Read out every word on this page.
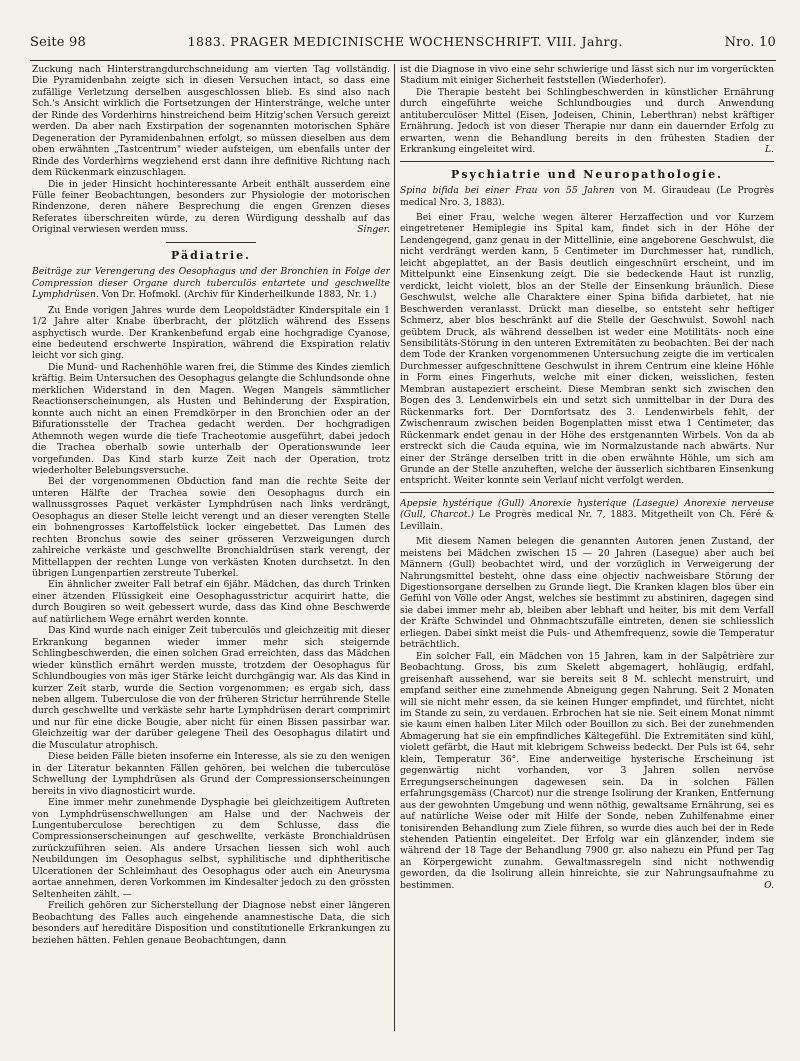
Seite 98	1883. PRAGER MEDICINISCHE WOCHENSCHRIFT. VIII. Jahrg.	Nro. 10

Zuckung nach Hinterstrangdurchschneidung am vierten Tag vollständig. Die Pyramidenbahn zeigte sich in diesen Versuchen intact, so dass eine zufällige Verletzung derselben ausgeschlossen blieb. Es sind also nach Sch.'s Ansicht wirklich die Fortsetzungen der Hinterstränge, welche unter der Rinde des Vorderhirns hinstreichend beim Hitzig'schen Versuch gereizt werden. Da aber nach Exstirpation der sogenannten motorischen Sphäre Degeneration der Pyramidenbahnen erfolgt, so müssen dieselben aus dem oben erwähnten „Tastcentrum" wieder aufsteigen, um ebenfalls unter der Rinde des Vorderhirns wegziehend erst dann ihre definitive Richtung nach dem Rückenmark einzuschlagen.

Die in jeder Hinsicht hochinteressante Arbeit enthält ausserdem eine Fülle feiner Beobachtungen, besonders zur Physiologie der motorischen Rindenzone, deren nähere Besprechung die engen Grenzen dieses Referates überschreiten würde, zu deren Würdigung desshalb auf das Original verwiesen werden muss.	Singer.

Pädiatrie.

Beiträge zur Verengerung des Oesophagus und der Bronchien in Folge der Compression dieser Organe durch tuberculös entartete und geschwellte Lymphdrüsen. Von Dr. Hofmokl. (Archiv für Kinderheilkunde 1883, Nr. 1.)

Zu Ende vorigen Jahres wurde dem Leopoldstädter Kinderspitale ein 1 1/2 Jahre alter Knabe überbracht, der plötzlich während des Essens asphyctisch wurde. Der Krankenbefund ergab eine hochgradige Cyanose, eine bedeutend erschwerte Inspiration, während die Exspiration relativ leicht vor sich ging.

Die Mund- und Rachenhöhle waren frei, die Stimme des Kindes ziemlich kräftig. Beim Untersuchen des Oesophagus gelangte die Schlundsonde ohne merklichen Widerstand in den Magen. Wegen Mangels sämmtlicher Reactionserscheinungen, als Husten und Behinderung der Exspiration, konnte auch nicht an einen Fremdkörper in den Bronchien oder an der Bifurationsstelle der Trachea gedacht werden. Der hochgradigen Athemnoth wegen wurde die tiefe Tracheotomie ausgeführt, dabei jedoch die Trachea oberhalb sowie unterhalb der Operationswunde leer vorgefunden. Das Kind starb kurze Zeit nach der Operation, trotz wiederholter Belebungsversuche.

Bei der vorgenommenen Obduction fand man die rechte Seite der unteren Hälfte der Trachea sowie den Oesophagus durch ein wallnussgrosses Paquet verkäster Lymphdrüsen nach links verdrängt, Oesophagus an dieser Stelle leicht verengt und an dieser verengten Stelle ein bohnengrosses Kartoffelstück locker eingebettet. Das Lumen des rechten Bronchus sowie des seiner grösseren Verzweigungen durch zahlreiche verkäste und geschwellte Bronchialdrüsen stark verengt, der Mittellappen der rechten Lunge von verkästen Knoten durchsetzt. In den übrigen Lungenpartien zerstreute Tuberkel.

Ein ähnlicher zweiter Fall betraf ein 6jähr. Mädchen, das durch Trinken einer ätzenden Flüssigkeit eine Oesophagusstrictur acquirirt hatte, die durch Bougiren so weit gebessert wurde, dass das Kind ohne Beschwerde auf natürlichem Wege ernährt werden konnte.

Das Kind wurde nach einiger Zeit tuberculös und gleichzeitig mit dieser Erkrankung begannen wieder immer mehr sich steigernde Schlingbeschwerden, die einen solchen Grad erreichten, dass das Mädchen wieder künstlich ernährt werden musste, trotzdem der Oesophagus für Schlundbougies von mäs iger Stärke leicht durchgängig war. Als das Kind in kurzer Zeit starb, wurde die Section vorgenommen; es ergab sich, dass neben allgem. Tuberculose die von der früheren Strictur herrührende Stelle durch geschwellte und verkäste sehr harte Lymphdrüsen derart comprimirt und nur für eine dicke Bougie, aber nicht für einen Bissen passirbar war. Gleichzeitig war der darüber gelegene Theil des Oesophagus dilatirt und die Musculatur atrophisch.

Diese beiden Fälle bieten insoferne ein Interesse, als sie zu den wenigen in der Literatur bekannten Fällen gehören, bei welchen die tuberculöse Schwellung der Lymphdrüsen als Grund der Compressionserscheinungen bereits in vivo diagnosticirt wurde.

Eine immer mehr zunehmende Dysphagie bei gleichzeitigem Auftreten von Lymphdrüsenschwellungen am Halse und der Nachweis der Lungentuberculose berechtigen zu dem Schlusse, dass die Compressionserscheinungen auf geschwellte, verkäste Bronchialdrüsen zurückzuführen seien. Als andere Ursachen liessen sich wohl auch Neubildungen im Oesophagus selbst, syphilitische und diphtheritische Ulcerationen der Schleimhaut des Oesophagus oder auch ein Aneurysma aortae annehmen, deren Vorkommen im Kindesalter jedoch zu den grössten Seltenheiten zählt. —

Freilich gehören zur Sicherstellung der Diagnose nebst einer längeren Beobachtung des Falles auch eingehende anamnestische Data, die sich besonders auf hereditäre Disposition und constitutionelle Erkrankungen zu beziehen hätten. Fehlen genaue Beobachtungen, dann

ist die Diagnose in vivo eine sehr schwierige und lässt sich nur im vorgerückten Stadium mit einiger Sicherheit feststellen (Wiederhofer).

Die Therapie besteht bei Schlingbeschwerden in künstlicher Ernährung durch eingeführte weiche Schlundbougies und durch Anwendung antituberculöser Mittel (Eisen, Jodeisen, Chinin, Leberthran) nebst kräftiger Ernährung. Jedoch ist von dieser Therapie nur dann ein dauernder Erfolg zu erwarten, wenn die Behandlung bereits in den frühesten Stadien der Erkrankung eingeleitet wird.	L.

Psychiatrie und Neuropathologie.

Spina bifida bei einer Frau von 55 Jahren von M. Giraudeau (Le Progrès medical Nro. 3, 1883).

Bei einer Frau, welche wegen älterer Herzaffection und vor Kurzem eingetretener Hemiplegie ins Spital kam, findet sich in der Höhe der Lendengegend, ganz genau in der Mittellinie, eine angeborene Geschwulst, die nicht verdrängt werden kann, 5 Centimeter im Durchmesser hat, rundlich, leicht abgeplattet, an der Basis deutlich eingeschnürt erscheint, und im Mittelpunkt eine Einsenkung zeigt. Die sie bedeckende Haut ist runzlig, verdickt, leicht violett, blos an der Stelle der Einsenkung bräunlich. Diese Geschwulst, welche alle Charaktere einer Spina bifida darbietet, hat nie Beschwerden veranlasst. Drückt man dieselbe, so entsteht sehr heftiger Schmerz, aber blos beschränkt auf die Stelle der Geschwulst. Sowohl nach geübtem Druck, als während desselben ist weder eine Motilitäts- noch eine Sensibilitäts-Störung in den unteren Extremitäten zu beobachten. Bei der nach dem Tode der Kranken vorgenommenen Untersuchung zeigte die im verticalen Durchmesser aufgeschnittene Geschwulst in ihrem Centrum eine kleine Höhle in Form eines Fingerhuts, welche mit einer dicken, weisslichen, festen Membran austapeziert erscheint. Diese Membran senkt sich zwischen den Bogen des 3. Lendenwirbels ein und setzt sich unmittelbar in der Dura des Rückenmarks fort. Der Dornfortsatz des 3. Lendenwirbels fehlt, der Zwischenraum zwischen beiden Bogenplatten misst etwa 1 Centimeter, das Rückenmark endet genau in der Höhe des erstgenannten Wirbels. Von da ab erstreckt sich die Cauda equina, wie im Normalzustande nach abwärts. Nur einer der Stränge derselben tritt in die oben erwähnte Höhle, um sich am Grunde an der Stelle anzuheften, welche der äusserlich sichtbaren Einsenkung entspricht. Weiter konnte sein Verlauf nicht verfolgt werden.

Apepsie hystérique (Gull) Anorexie hysterique (Lasegue) Anorexie nerveuse (Gull, Charcot.) Le Progrès medical Nr. 7, 1883. Mitgetheilt von Ch. Féré & Levillain.

Mit diesem Namen belegen die genannten Autoren jenen Zustand, der meistens bei Mädchen zwischen 15 — 20 Jahren (Lasegue) aber auch bei Männern (Gull) beobachtet wird, und der vorzüglich in Verweigerung der Nahrungsmittel besteht, ohne dass eine objectiv nachweisbare Störung der Digestionsorgane derselben zu Grunde liegt. Die Kranken klagen blos über ein Gefühl von Völle oder Angst, welches sie bestimmt zu abstiniren, dagegen sind sie dabei immer mehr ab, bleiben aber lebhaft und heiter, bis mit dem Verfall der Kräfte Schwindel und Ohnmachtszufälle eintreten, denen sie schliesslich erliegen. Dabei sinkt meist die Puls- und Athemfrequenz, sowie die Temperatur beträchtlich.

Ein solcher Fall, ein Mädchen von 15 Jahren, kam in der Salpêtrière zur Beobachtung. Gross, bis zum Skelett abgemagert, hohläugig, erdfahl, greisenhaft aussehend, war sie bereits seit 8 M. schlecht menstruirt, und empfand seither eine zunehmende Abneigung gegen Nahrung. Seit 2 Monaten will sie nicht mehr essen, da sie keinen Hunger empfindet, und fürchtet, nicht im Stande zu sein, zu verdauen. Erbrochen hat sie nie. Seit einem Monat nimmt sie kaum einen halben Liter Milch oder Bouillon zu sich. Bei der zunehmenden Abmagerung hat sie ein empfindliches Kältegefühl. Die Extremitäten sind kühl, violett gefärbt, die Haut mit klebrigem Schweiss bedeckt. Der Puls ist 64, sehr klein, Temperatur 36°. Eine anderweitige hysterische Erscheinung ist gegenwärtig nicht vorhanden, vor 3 Jahren sollen nervöse Erregungserscheinungen dagewesen sein. Da in solchen Fällen erfahrungsgemäss (Charcot) nur die strenge Isolirung der Kranken, Entfernung aus der gewohnten Umgebung und wenn nöthig, gewaltsame Ernährung, sei es auf natürliche Weise oder mit Hilfe der Sonde, neben Zuhilfenahme einer tonisirenden Behandlung zum Ziele führen, so wurde dies auch bei der in Rede stehenden Patientin eingeleitet. Der Erfolg war ein glänzender, indem sie während der 18 Tage der Behandlung 7900 gr. also nahezu ein Pfund per Tag an Körpergewicht zunahm. Gewaltmassregeln sind nicht nothwendig geworden, da die Isolirung allein hinreichte, sie zur Nahrungsaufnahme zu bestimmen.	O.
